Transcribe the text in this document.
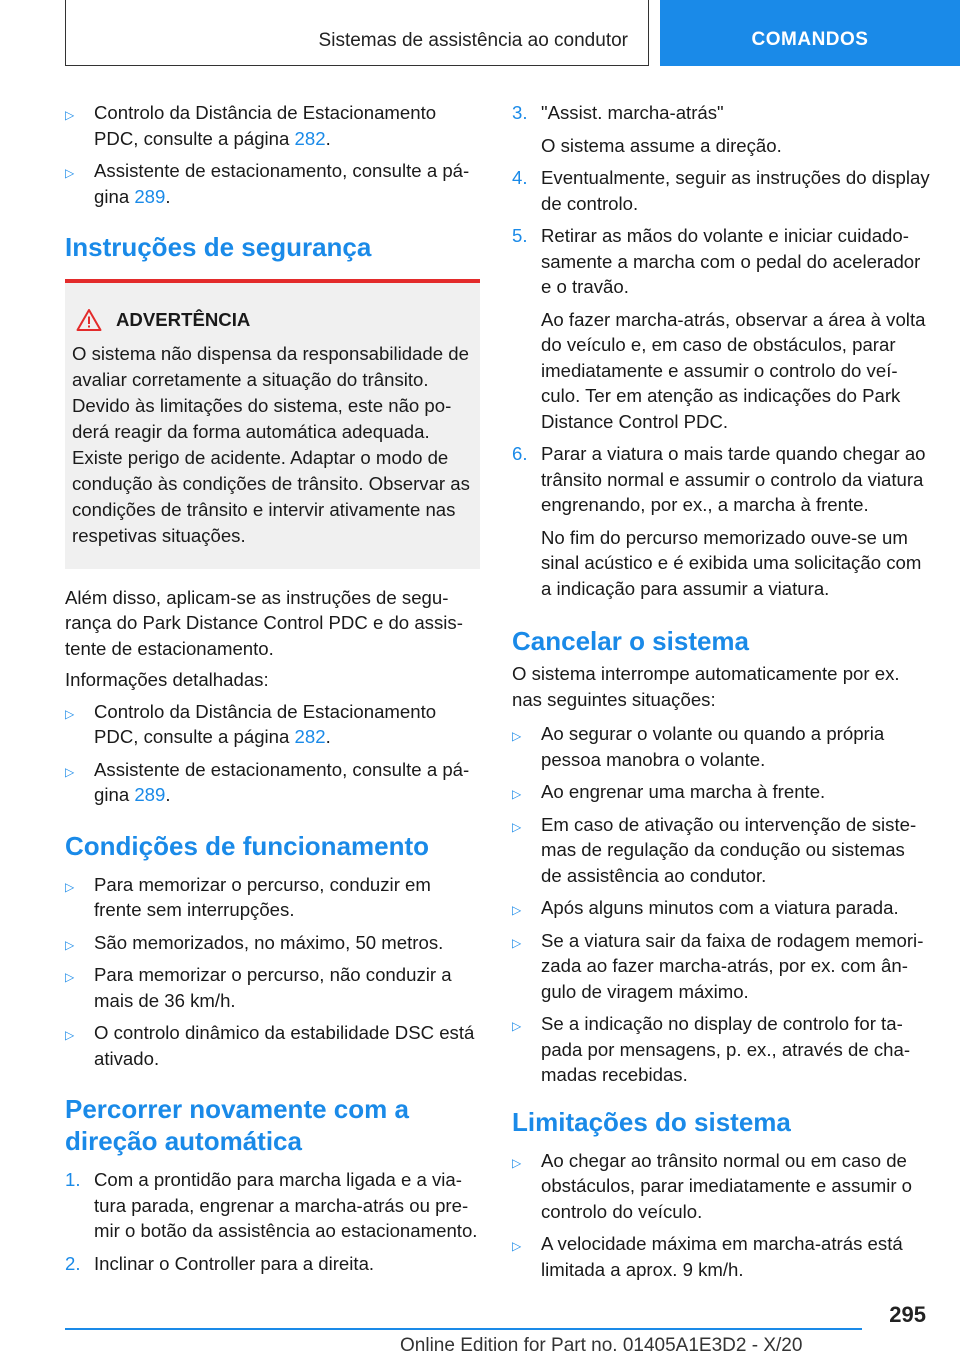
Sistemas de assistência ao condutor	COMANDOS
▷ Controlo da Distância de Estacionamento PDC, consulte a página 282.
▷ Assistente de estacionamento, consulte a página 289.
Instruções de segurança
ADVERTÊNCIA

O sistema não dispensa da responsabilidade de avaliar corretamente a situação do trânsito. Devido às limitações do sistema, este não poderá reagir da forma automática adequada. Existe perigo de acidente. Adaptar o modo de condução às condições de trânsito. Observar as condições de trânsito e intervir ativamente nas respetivas situações.

Além disso, aplicam-se as instruções de segurança do Park Distance Control PDC e do assistente de estacionamento.

Informações detalhadas:

▷ Controlo da Distância de Estacionamento PDC, consulte a página 282.
▷ Assistente de estacionamento, consulte a página 289.
Condições de funcionamento
▷ Para memorizar o percurso, conduzir em frente sem interrupções.
▷ São memorizados, no máximo, 50 metros.
▷ Para memorizar o percurso, não conduzir a mais de 36 km/h.
▷ O controlo dinâmico da estabilidade DSC está ativado.
Percorrer novamente com a direção automática
1. Com a prontidão para marcha ligada e a viatura parada, engrenar a marcha-atrás ou premir o botão da assistência ao estacionamento.
2. Inclinar o Controller para a direita.
3. "Assist. marcha-atrás"
O sistema assume a direção.
4. Eventualmente, seguir as instruções do display de controlo.
5. Retirar as mãos do volante e iniciar cuidadosamente a marcha com o pedal do acelerador e o travão.
Ao fazer marcha-atrás, observar a área à volta do veículo e, em caso de obstáculos, parar imediatamente e assumir o controlo do veículo. Ter em atenção as indicações do Park Distance Control PDC.
6. Parar a viatura o mais tarde quando chegar ao trânsito normal e assumir o controlo da viatura engrenando, por ex., a marcha à frente.
No fim do percurso memorizado ouve-se um sinal acústico e é exibida uma solicitação com a indicação para assumir a viatura.
Cancelar o sistema

O sistema interrompe automaticamente por ex. nas seguintes situações:

▷ Ao segurar o volante ou quando a própria pessoa manobra o volante.
▷ Ao engrenar uma marcha à frente.
▷ Em caso de ativação ou intervenção de sistemas de regulação da condução ou sistemas de assistência ao condutor.
▷ Após alguns minutos com a viatura parada.
▷ Se a viatura sair da faixa de rodagem memorizada ao fazer marcha-atrás, por ex. com ângulo de viragem máximo.
▷ Se a indicação no display de controlo for tapada por mensagens, p. ex., através de chamadas recebidas.
Limitações do sistema
▷ Ao chegar ao trânsito normal ou em caso de obstáculos, parar imediatamente e assumir o controlo do veículo.
▷ A velocidade máxima em marcha-atrás está limitada a aprox. 9 km/h.
295
Online Edition for Part no. 01405A1E3D2 - X/20
